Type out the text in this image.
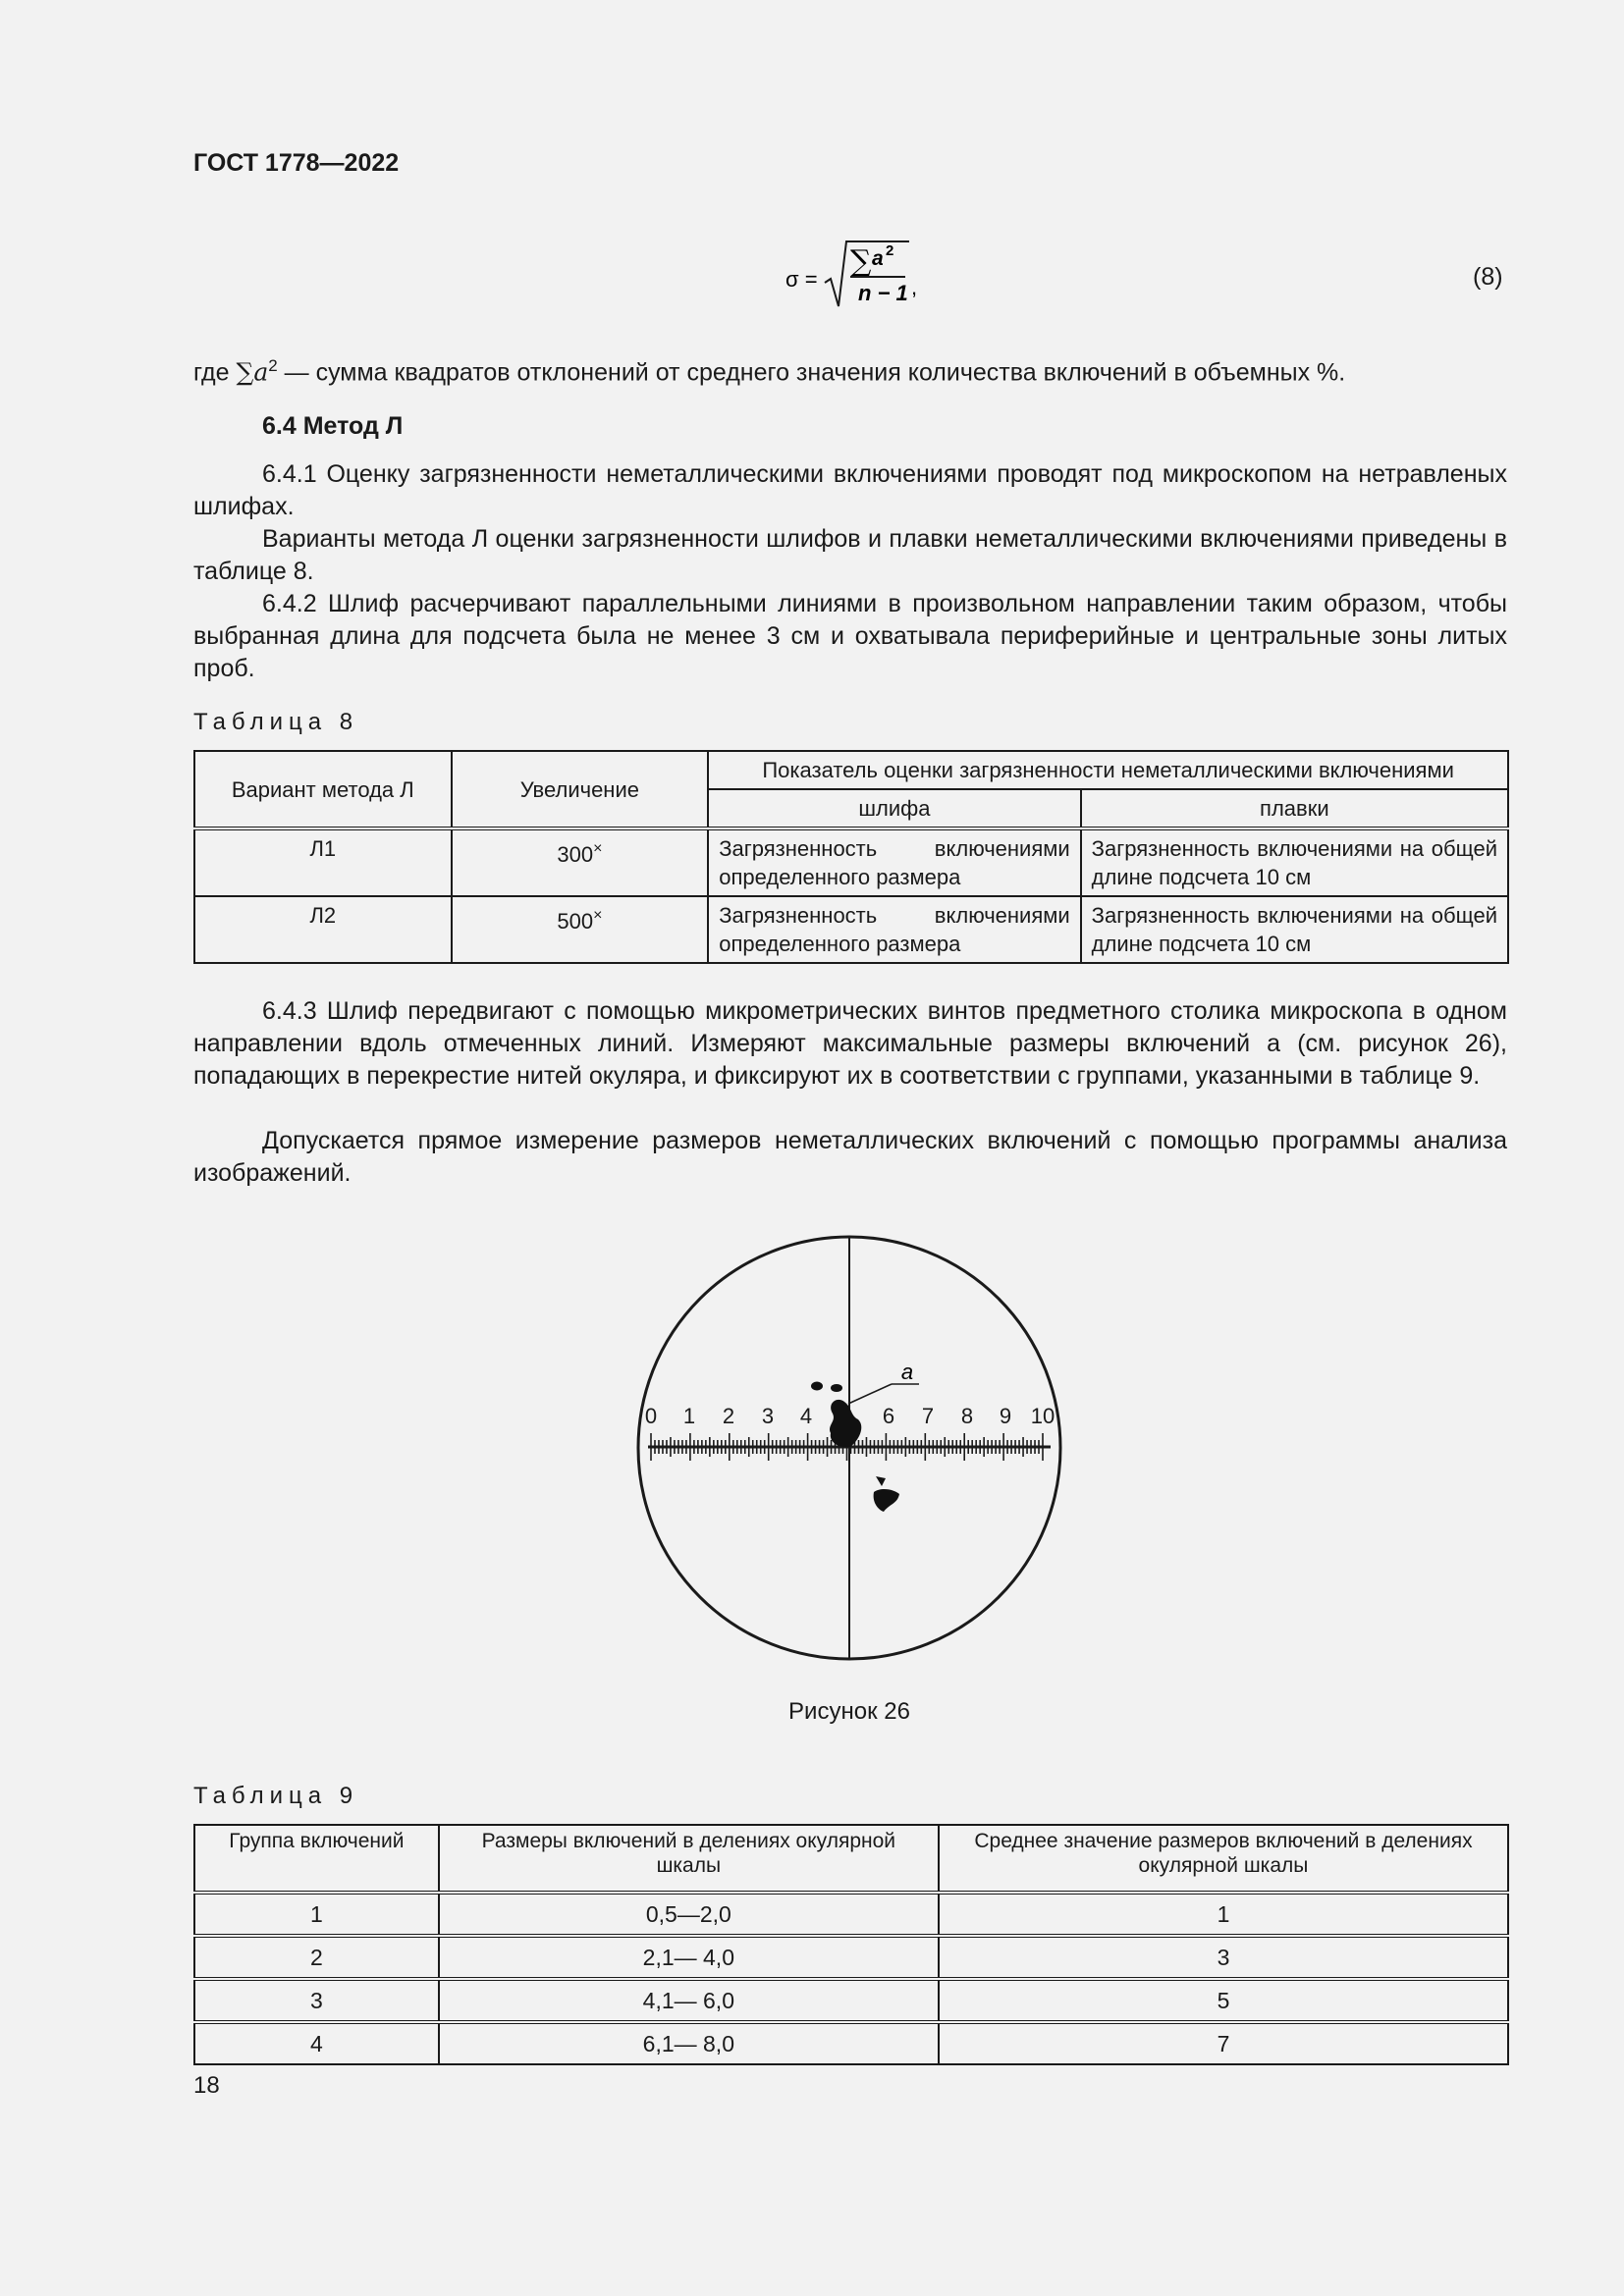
ГОСТ 1778—2022
σ =
∑ a 2
n − 1 ,	(8)
где $\sum a^2$ — сумма квадратов отклонений от среднего значения количества включений в объемных %.
6.4 Метод Л
6.4.1 Оценку загрязненности неметаллическими включениями проводят под микроскопом на нетравленых шлифах.
Варианты метода Л оценки загрязненности шлифов и плавки неметаллическими включениями приведены в таблице 8.
6.4.2 Шлиф расчерчивают параллельными линиями в произвольном направлении таким образом, чтобы выбранная длина для подсчета была не менее 3 см и охватывала периферийные и центральные зоны литых проб.
Таблица 8
Вариант метода Л	Увеличение	Показатель оценки загрязненности неметаллическими включениями	
		шлифа	плавки
Л1	300×	Загрязненность включениями определенного размера	Загрязненность включениями на общей длине подсчета 10 см
Л2	500×	Загрязненность включениями определенного размера	Загрязненность включениями на общей длине подсчета 10 см
6.4.3 Шлиф передвигают с помощью микрометрических винтов предметного столика микроскопа в одном направлении вдоль отмеченных линий. Измеряют максимальные размеры включений a (см. рисунок 26), попадающих в перекрестие нитей окуляра, и фиксируют их в соответствии с группами, указанными в таблице 9.
Допускается прямое измерение размеров неметаллических включений с помощью программы анализа изображений.
0 1 2 3 4	6 7 8 9 10
a
Рисунок 26
Таблица 9
Группа включений	Размеры включений в делениях окулярной шкалы	Среднее значение размеров включений в делениях окулярной шкалы
1	0,5—2,0	1
2	2,1— 4,0	3
3	4,1— 6,0	5
4	6,1— 8,0	7
18
